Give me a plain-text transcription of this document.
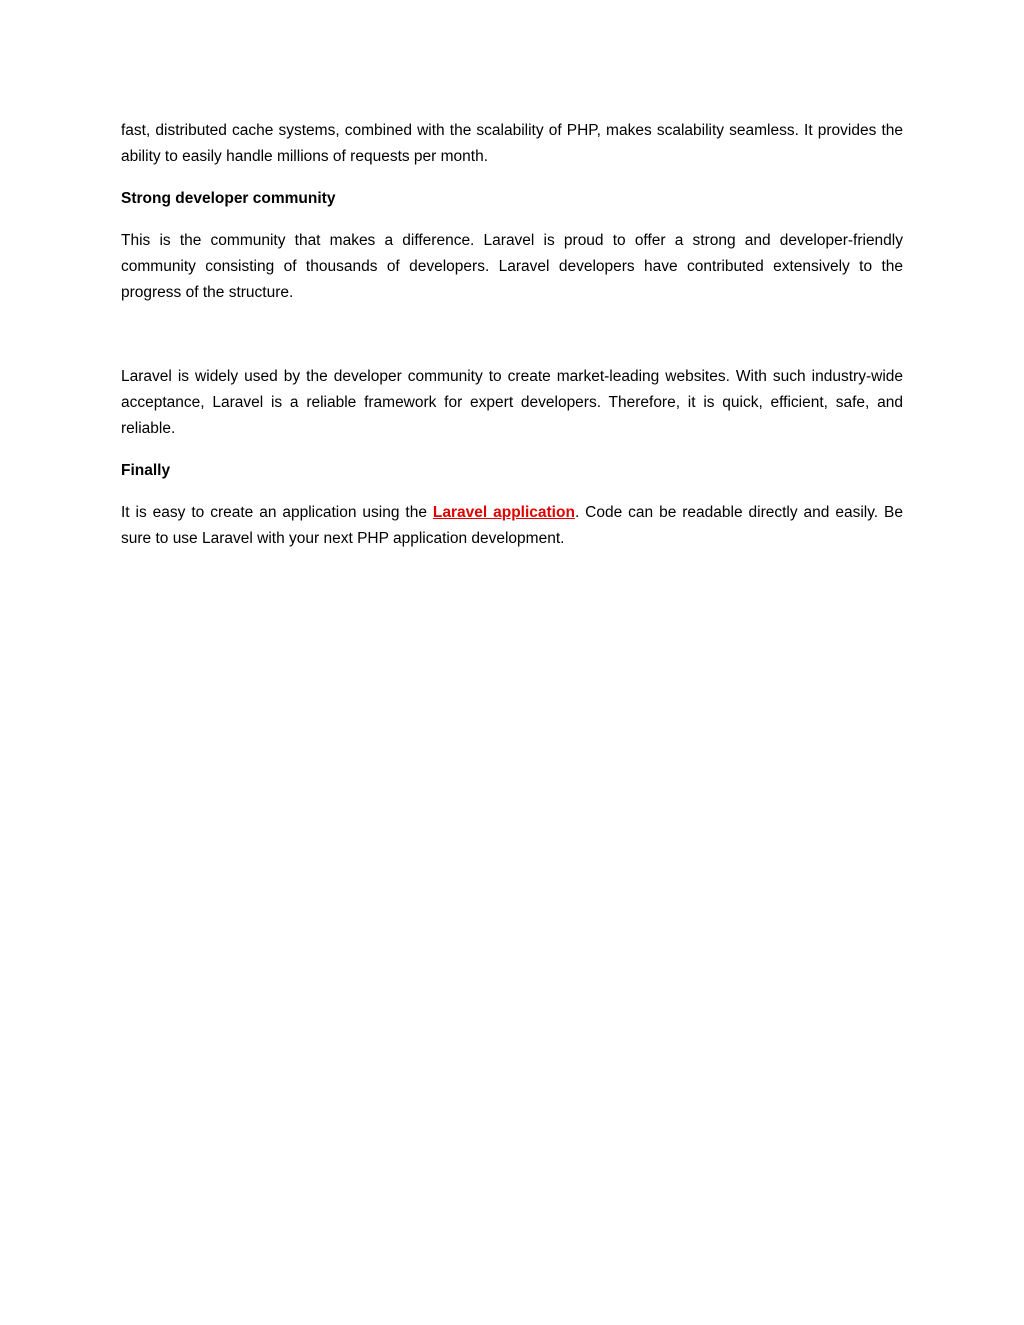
fast, distributed cache systems, combined with the scalability of PHP, makes scalability seamless. It provides the ability to easily handle millions of requests per month.

Strong developer community

This is the community that makes a difference. Laravel is proud to offer a strong and developer-friendly community consisting of thousands of developers. Laravel developers have contributed extensively to the progress of the structure.

Laravel is widely used by the developer community to create market-leading websites. With such industry-wide acceptance, Laravel is a reliable framework for expert developers. Therefore, it is quick, efficient, safe, and reliable.

Finally

It is easy to create an application using the Laravel application. Code can be readable directly and easily. Be sure to use Laravel with your next PHP application development.
